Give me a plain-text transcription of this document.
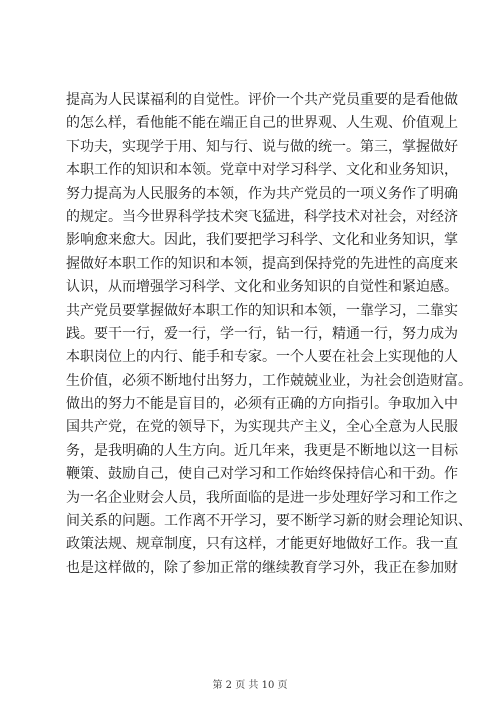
提高为人民谋福利的自觉性。评价一个共产党员重要的是看他做
的怎么样，看他能不能在端正自己的世界观、人生观、价值观上
下功夫，实现学于用、知与行、说与做的统一。第三，掌握做好
本职工作的知识和本领。党章中对学习科学、文化和业务知识，
努力提高为人民服务的本领，作为共产党员的一项义务作了明确
的规定。当今世界科学技术突飞猛进，科学技术对社会，对经济
影响愈来愈大。因此，我们要把学习科学、文化和业务知识，掌
握做好本职工作的知识和本领，提高到保持党的先进性的高度来
认识，从而增强学习科学、文化和业务知识的自觉性和紧迫感。
共产党员要掌握做好本职工作的知识和本领，一靠学习，二靠实
践。要干一行，爱一行，学一行，钻一行，精通一行，努力成为
本职岗位上的内行、能手和专家。一个人要在社会上实现他的人
生价值，必须不断地付出努力，工作兢兢业业，为社会创造财富。
做出的努力不能是盲目的，必须有正确的方向指引。争取加入中
国共产党，在党的领导下，为实现共产主义，全心全意为人民服
务，是我明确的人生方向。近几年来，我更是不断地以这一目标
鞭策、鼓励自己，使自己对学习和工作始终保持信心和干劲。作
为一名企业财会人员，我所面临的是进一步处理好学习和工作之
间关系的问题。工作离不开学习，要不断学习新的财会理论知识、
政策法规、规章制度，只有这样，才能更好地做好工作。我一直
也是这样做的，除了参加正常的继续教育学习外，我正在参加财
第 2 页 共 10 页
